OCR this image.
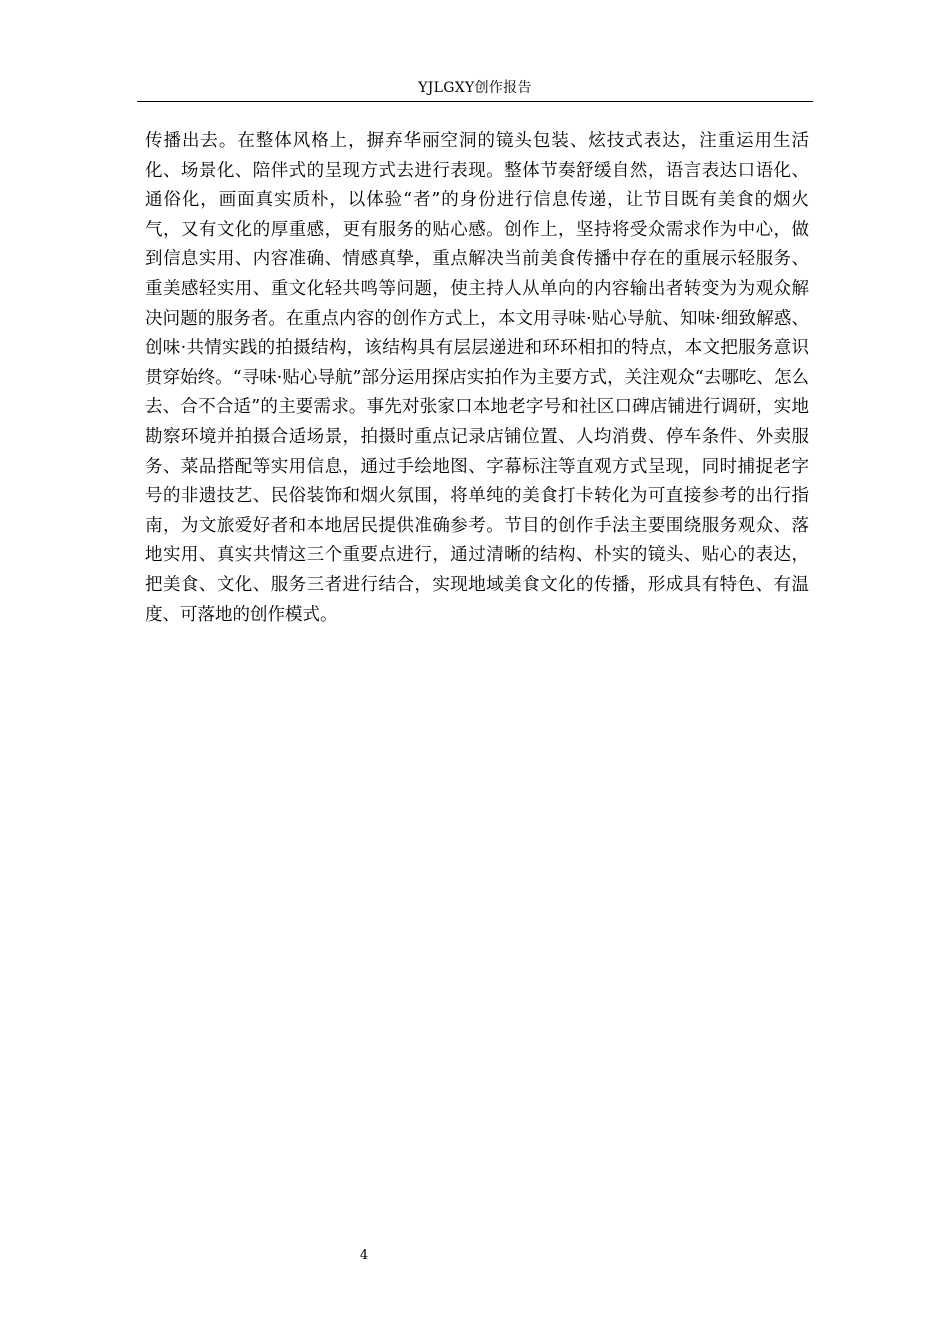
YJLGXY创作报告

传播出去。在整体风格上，摒弃华丽空洞的镜头包装、炫技式表达，注重运用生活化、场景化、陪伴式的呈现方式去进行表现。整体节奏舒缓自然，语言表达口语化、通俗化，画面真实质朴，以体验“者”的身份进行信息传递，让节目既有美食的烟火气，又有文化的厚重感，更有服务的贴心感。创作上，坚持将受众需求作为中心，做到信息实用、内容准确、情感真挚，重点解决当前美食传播中存在的重展示轻服务、重美感轻实用、重文化轻共鸣等问题，使主持人从单向的内容输出者转变为为观众解决问题的服务者。在重点内容的创作方式上，本文用寻味·贴心导航、知味·细致解惑、创味·共情实践的拍摄结构，该结构具有层层递进和环环相扣的特点，本文把服务意识贯穿始终。“寻味·贴心导航”部分运用探店实拍作为主要方式，关注观众“去哪吃、怎么去、合不合适”的主要需求。事先对张家口本地老字号和社区口碑店铺进行调研，实地勘察环境并拍摄合适场景，拍摄时重点记录店铺位置、人均消费、停车条件、外卖服务、菜品搭配等实用信息，通过手绘地图、字幕标注等直观方式呈现，同时捕捉老字号的非遗技艺、民俗装饰和烟火氛围，将单纯的美食打卡转化为可直接参考的出行指南，为文旅爱好者和本地居民提供准确参考。节目的创作手法主要围绕服务观众、落地实用、真实共情这三个重要点进行，通过清晰的结构、朴实的镜头、贴心的表达，把美食、文化、服务三者进行结合，实现地域美食文化的传播，形成具有特色、有温度、可落地的创作模式。

4
